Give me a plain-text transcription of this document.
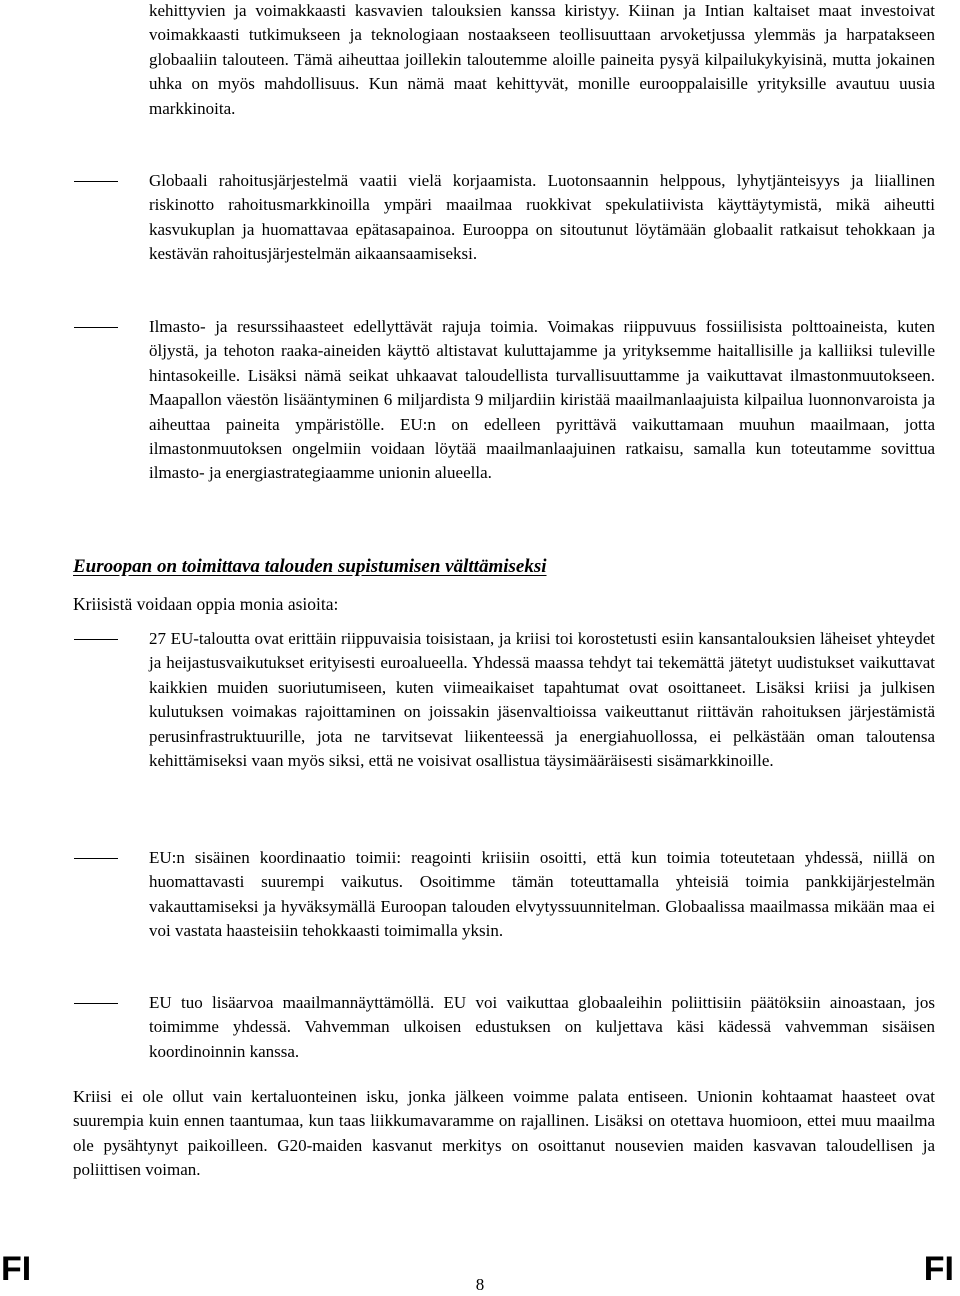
kehittyvien ja voimakkaasti kasvavien talouksien kanssa kiristyy. Kiinan ja Intian kaltaiset maat investoivat voimakkaasti tutkimukseen ja teknologiaan nostaakseen teollisuuttaan arvoketjussa ylemmäs ja harpatakseen globaaliin talouteen. Tämä aiheuttaa joillekin taloutemme aloille paineita pysyä kilpailukykyisinä, mutta jokainen uhka on myös mahdollisuus. Kun nämä maat kehittyvät, monille eurooppalaisille yrityksille avautuu uusia markkinoita.

Globaali rahoitusjärjestelmä vaatii vielä korjaamista. Luotonsaannin helppous, lyhytjänteisyys ja liiallinen riskinotto rahoitusmarkkinoilla ympäri maailmaa ruokkivat spekulatiivista käyttäytymistä, mikä aiheutti kasvukuplan ja huomattavaa epätasapainoa. Eurooppa on sitoutunut löytämään globaalit ratkaisut tehokkaan ja kestävän rahoitusjärjestelmän aikaansaamiseksi.

Ilmasto- ja resurssihaasteet edellyttävät rajuja toimia. Voimakas riippuvuus fossiilisista polttoaineista, kuten öljystä, ja tehoton raaka-aineiden käyttö altistavat kuluttajamme ja yrityksemme haitallisille ja kalliiksi tuleville hintasokeille. Lisäksi nämä seikat uhkaavat taloudellista turvallisuuttamme ja vaikuttavat ilmastonmuutokseen. Maapallon väestön lisääntyminen 6 miljardista 9 miljardiin kiristää maailmanlaajuista kilpailua luonnonvaroista ja aiheuttaa paineita ympäristölle. EU:n on edelleen pyrittävä vaikuttamaan muuhun maailmaan, jotta ilmastonmuutoksen ongelmiin voidaan löytää maailmanlaajuinen ratkaisu, samalla kun toteutamme sovittua ilmasto- ja energiastrategiaamme unionin alueella.

Euroopan on toimittava talouden supistumisen välttämiseksi

Kriisistä voidaan oppia monia asioita:

27 EU-taloutta ovat erittäin riippuvaisia toisistaan, ja kriisi toi korostetusti esiin kansantalouksien läheiset yhteydet ja heijastusvaikutukset erityisesti euroalueella. Yhdessä maassa tehdyt tai tekemättä jätetyt uudistukset vaikuttavat kaikkien muiden suoriutumiseen, kuten viimeaikaiset tapahtumat ovat osoittaneet. Lisäksi kriisi ja julkisen kulutuksen voimakas rajoittaminen on joissakin jäsenvaltioissa vaikeuttanut riittävän rahoituksen järjestämistä perusinfrastruktuurille, jota ne tarvitsevat liikenteessä ja energiahuollossa, ei pelkästään oman taloutensa kehittämiseksi vaan myös siksi, että ne voisivat osallistua täysimääräisesti sisämarkkinoille.

EU:n sisäinen koordinaatio toimii: reagointi kriisiin osoitti, että kun toimia toteutetaan yhdessä, niillä on huomattavasti suurempi vaikutus. Osoitimme tämän toteuttamalla yhteisiä toimia pankkijärjestelmän vakauttamiseksi ja hyväksymällä Euroopan talouden elvytyssuunnitelman. Globaalissa maailmassa mikään maa ei voi vastata haasteisiin tehokkaasti toimimalla yksin.

EU tuo lisäarvoa maailmannäyttämöllä. EU voi vaikuttaa globaaleihin poliittisiin päätöksiin ainoastaan, jos toimimme yhdessä. Vahvemman ulkoisen edustuksen on kuljettava käsi kädessä vahvemman sisäisen koordinoinnin kanssa.

Kriisi ei ole ollut vain kertaluonteinen isku, jonka jälkeen voimme palata entiseen. Unionin kohtaamat haasteet ovat suurempia kuin ennen taantumaa, kun taas liikkumavaramme on rajallinen. Lisäksi on otettava huomioon, ettei muu maailma ole pysähtynyt paikoilleen. G20-maiden kasvanut merkitys on osoittanut nousevien maiden kasvavan taloudellisen ja poliittisen voiman.

FI	8	FI
